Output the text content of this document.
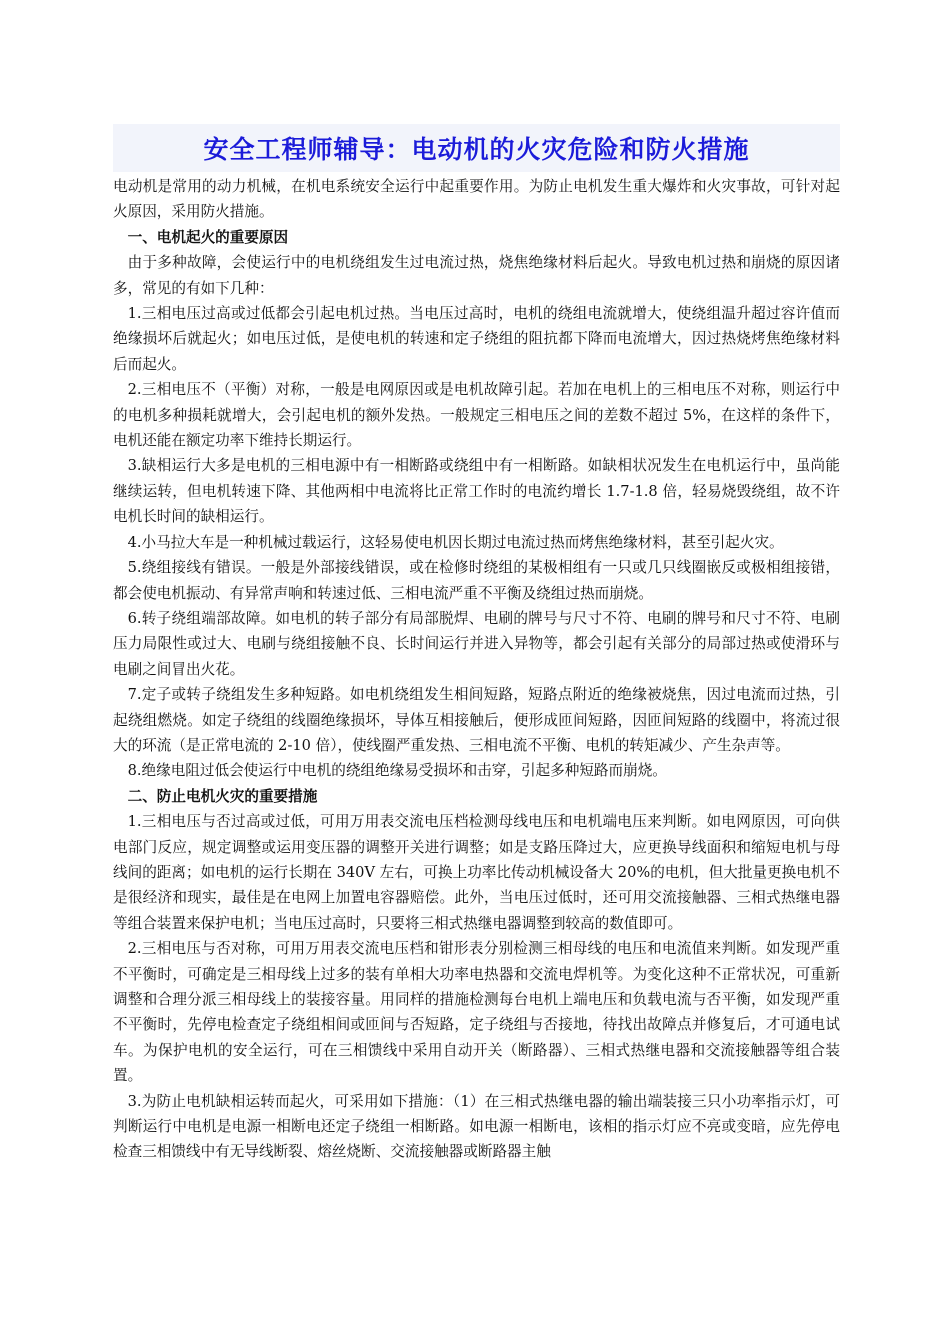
安全工程师辅导：电动机的火灾危险和防火措施

电动机是常用的动力机械，在机电系统安全运行中起重要作用。为防止电机发生重大爆炸和火灾事故，可针对起火原因，采用防火措施。

一、电机起火的重要原因

由于多种故障，会使运行中的电机绕组发生过电流过热，烧焦绝缘材料后起火。导致电机过热和崩烧的原因诸多，常见的有如下几种：

1.三相电压过高或过低都会引起电机过热。当电压过高时，电机的绕组电流就增大，使绕组温升超过容许值而绝缘损坏后就起火；如电压过低，是使电机的转速和定子绕组的阻抗都下降而电流增大，因过热烧烤焦绝缘材料后而起火。

2.三相电压不（平衡）对称，一般是电网原因或是电机故障引起。若加在电机上的三相电压不对称，则运行中的电机多种损耗就增大，会引起电机的额外发热。一般规定三相电压之间的差数不超过 5%，在这样的条件下，电机还能在额定功率下维持长期运行。

3.缺相运行大多是电机的三相电源中有一相断路或绕组中有一相断路。如缺相状况发生在电机运行中，虽尚能继续运转，但电机转速下降、其他两相中电流将比正常工作时的电流约增长 1.7-1.8 倍，轻易烧毁绕组，故不许电机长时间的缺相运行。

4.小马拉大车是一种机械过载运行，这轻易使电机因长期过电流过热而烤焦绝缘材料，甚至引起火灾。

5.绕组接线有错误。一般是外部接线错误，或在检修时绕组的某极相组有一只或几只线圈嵌反或极相组接错，都会使电机振动、有异常声响和转速过低、三相电流严重不平衡及绕组过热而崩烧。

6.转子绕组端部故障。如电机的转子部分有局部脱焊、电刷的牌号与尺寸不符、电刷的牌号和尺寸不符、电刷压力局限性或过大、电刷与绕组接触不良、长时间运行并进入异物等，都会引起有关部分的局部过热或使滑环与电刷之间冒出火花。

7.定子或转子绕组发生多种短路。如电机绕组发生相间短路，短路点附近的绝缘被烧焦，因过电流而过热，引起绕组燃烧。如定子绕组的线圈绝缘损坏，导体互相接触后，便形成匝间短路，因匝间短路的线圈中，将流过很大的环流（是正常电流的 2-10 倍），使线圈严重发热、三相电流不平衡、电机的转矩减少、产生杂声等。

8.绝缘电阻过低会使运行中电机的绕组绝缘易受损坏和击穿，引起多种短路而崩烧。

二、防止电机火灾的重要措施

1.三相电压与否过高或过低，可用万用表交流电压档检测母线电压和电机端电压来判断。如电网原因，可向供电部门反应，规定调整或运用变压器的调整开关进行调整；如是支路压降过大，应更换导线面积和缩短电机与母线间的距离；如电机的运行长期在 340V 左右，可换上功率比传动机械设备大 20%的电机，但大批量更换电机不是很经济和现实，最佳是在电网上加置电容器赔偿。此外，当电压过低时，还可用交流接触器、三相式热继电器等组合装置来保护电机；当电压过高时，只要将三相式热继电器调整到较高的数值即可。

2.三相电压与否对称，可用万用表交流电压档和钳形表分别检测三相母线的电压和电流值来判断。如发现严重不平衡时，可确定是三相母线上过多的装有单相大功率电热器和交流电焊机等。为变化这种不正常状况，可重新调整和合理分派三相母线上的装接容量。用同样的措施检测每台电机上端电压和负载电流与否平衡，如发现严重不平衡时，先停电检查定子绕组相间或匝间与否短路，定子绕组与否接地，待找出故障点并修复后，才可通电试车。为保护电机的安全运行，可在三相馈线中采用自动开关（断路器）、三相式热继电器和交流接触器等组合装置。

3.为防止电机缺相运转而起火，可采用如下措施：（1）在三相式热继电器的输出端装接三只小功率指示灯，可判断运行中电机是电源一相断电还定子绕组一相断路。如电源一相断电，该相的指示灯应不亮或变暗，应先停电检查三相馈线中有无导线断裂、熔丝烧断、交流接触器或断路器主触
